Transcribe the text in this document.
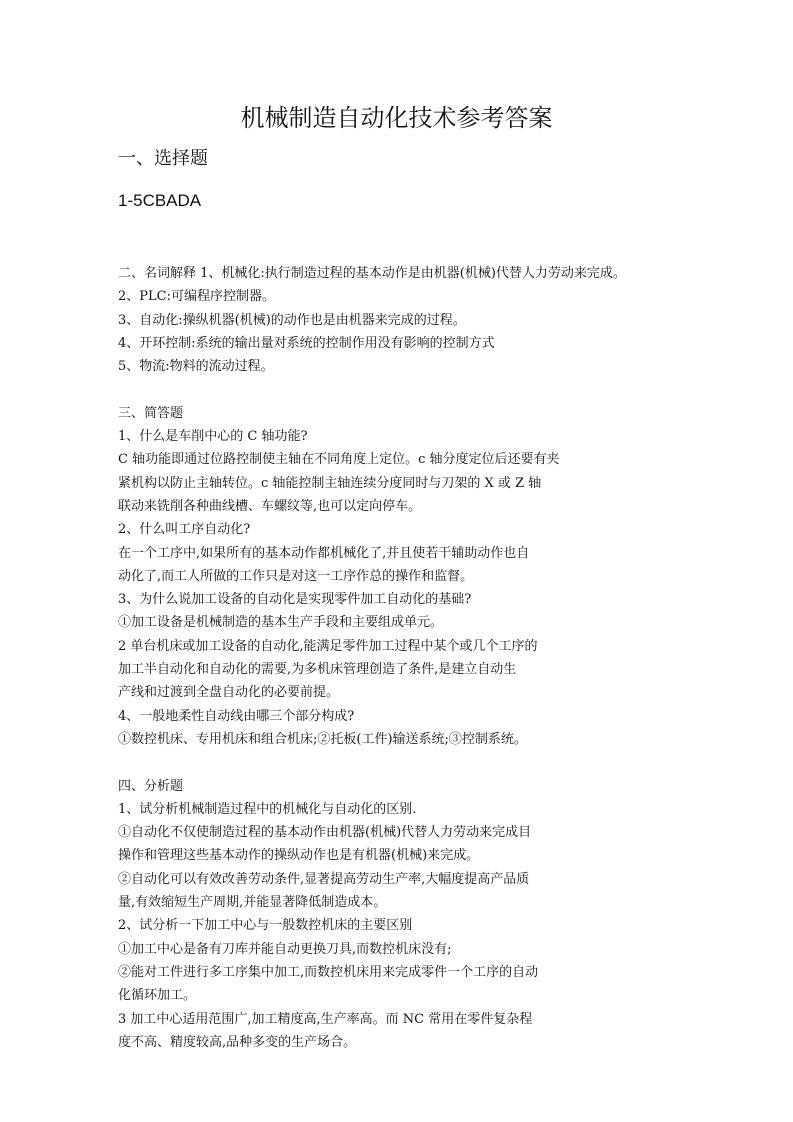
机械制造自动化技术参考答案
一、选择题
1-5CBADA
二、名词解释 1、机械化:执行制造过程的基本动作是由机器(机械)代替人力劳动来完成。
2、PLC:可编程序控制器。
3、自动化:操纵机器(机械)的动作也是由机器来完成的过程。
4、开环控制:系统的输出量对系统的控制作用没有影响的控制方式
5、物流:物料的流动过程。
三、简答题
1、什么是车削中心的 C 轴功能?
C 轴功能即通过位路控制使主轴在不同角度上定位。c 轴分度定位后还要有夹
紧机构以防止主轴转位。c 轴能控制主轴连续分度同时与刀架的 X 或 Z 轴
联动来铣削各种曲线槽、车螺纹等,也可以定向停车。
2、什么叫工序自动化?
在一个工序中,如果所有的基本动作都机械化了,并且使若干辅助动作也自
动化了,而工人所做的工作只是对这一工序作总的操作和监督。
3、为什么说加工设备的自动化是实现零件加工自动化的基础?
①加工设备是机械制造的基本生产手段和主要组成单元。
2 单台机床或加工设备的自动化,能满足零件加工过程中某个或几个工序的
加工半自动化和自动化的需要,为多机床管理创造了条件,是建立自动生
产线和过渡到全盘自动化的必要前提。
4、一般地柔性自动线由哪三个部分构成?
①数控机床、专用机床和组合机床;②托板(工件)输送系统;③控制系统。
四、分析题
1、试分析机械制造过程中的机械化与自动化的区别.
①自动化不仅使制造过程的基本动作由机器(机械)代替人力劳动来完成目
操作和管理这些基本动作的操纵动作也是有机器(机械)来完成。
②自动化可以有效改善劳动条件,显著提高劳动生产率,大幅度提高产品质
量,有效缩短生产周期,并能显著降低制造成本。
2、试分析一下加工中心与一般数控机床的主要区别
①加工中心是备有刀库并能自动更换刀具,而数控机床没有;
②能对工件进行多工序集中加工,而数控机床用来完成零件一个工序的自动
化循环加工。
3 加工中心适用范围广,加工精度高,生产率高。而 NC 常用在零件复杂程
度不高、精度较高,品种多变的生产场合。
